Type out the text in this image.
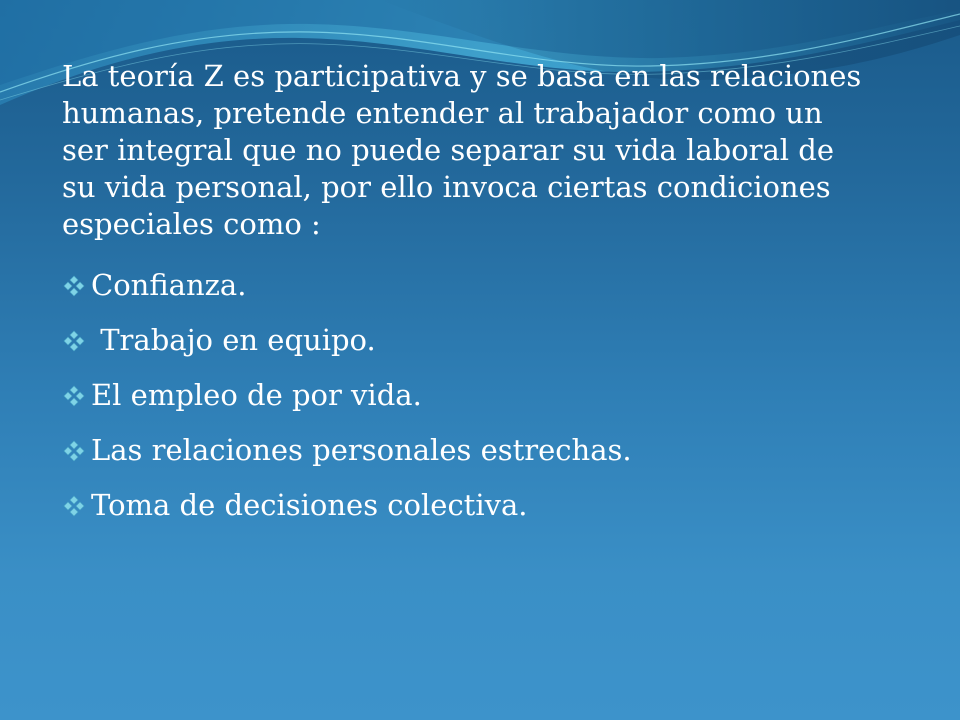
La teoría Z es participativa y se basa en las relaciones humanas, pretende entender al trabajador como un ser integral que no puede separar su vida laboral de su vida personal, por ello invoca ciertas condiciones especiales como :

Confianza.
Trabajo en equipo.
El empleo de por vida.
Las relaciones personales estrechas.
Toma de decisiones colectiva.
